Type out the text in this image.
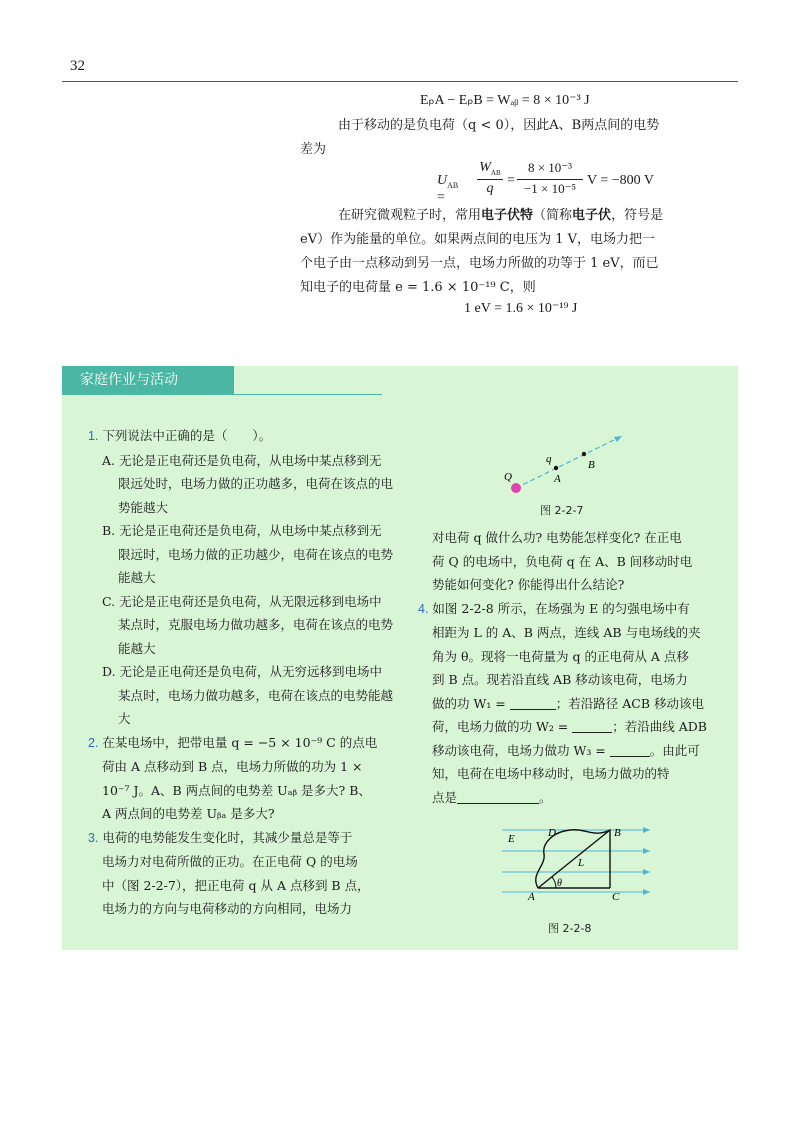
32
EₚA − EₚB = Wₐᵦ = 8 × 10⁻³ J
由于移动的是负电荷（q < 0），因此A、B两点间的电势
差为
$U_{AB}$ =
$W_{AB}$
q
=
8 × 10⁻³
−1 × 10⁻⁵
V = −800 V
在研究微观粒子时，常用电子伏特（简称电子伏，符号是
eV）作为能量的单位。如果两点间的电压为 1 V，电场力把一
个电子由一点移动到另一点，电场力所做的功等于 1 eV，而已
知电子的电荷量 e = 1.6 × 10⁻¹⁹ C，则
1 eV = 1.6 × 10⁻¹⁹ J
家庭作业与活动
1. 下列说法中正确的是（　　）。
A. 无论是正电荷还是负电荷，从电场中某点移到无限远处时，电场力做的正功越多，电荷在该点的电势能越大
B. 无论是正电荷还是负电荷，从电场中某点移到无限远时，电场力做的正功越少，电荷在该点的电势能越大
C. 无论是正电荷还是负电荷，从无限远移到电场中某点时，克服电场力做功越多，电荷在该点的电势能越大
D. 无论是正电荷还是负电荷，从无穷远移到电场中某点时，电场力做功越多，电荷在该点的电势能越大
2. 在某电场中，把带电量 q = −5 × 10⁻⁹ C 的点电
荷由 A 点移动到 B 点，电场力所做的功为 1 ×
10⁻⁷ J。A、B 两点间的电势差 Uₐᵦ 是多大? B、
A 两点间的电势差 Uᵦₐ 是多大?
3. 电荷的电势能发生变化时，其减少量总是等于
电场力对电荷所做的正功。在正电荷 Q 的电场
中（图 2-2-7），把正电荷 q 从 A 点移到 B 点，
电场力的方向与电荷移动的方向相同，电场力
Q
q
A
B
图 2-2-7
对电荷 q 做什么功? 电势能怎样变化? 在正电
荷 Q 的电场中，负电荷 q 在 A、B 间移动时电
势能如何变化? 你能得出什么结论?
4. 如图 2-2-8 所示，在场强为 E 的匀强电场中有
相距为 L 的 A、B 两点，连线 AB 与电场线的夹
角为 θ。现将一电荷量为 q 的正电荷从 A 点移
到 B 点。现若沿直线 AB 移动该电荷，电场力
做的功 W₁ =	；若沿路径 ACB 移动该电
荷，电场力做的功 W₂ =	；若沿曲线 ADB
移动该电荷，电场力做功 W₃ =	。由此可
知，电荷在电场中移动时，电场力做功的特
点是	。
E	D	B
L
A
θ
C
图 2-2-8
